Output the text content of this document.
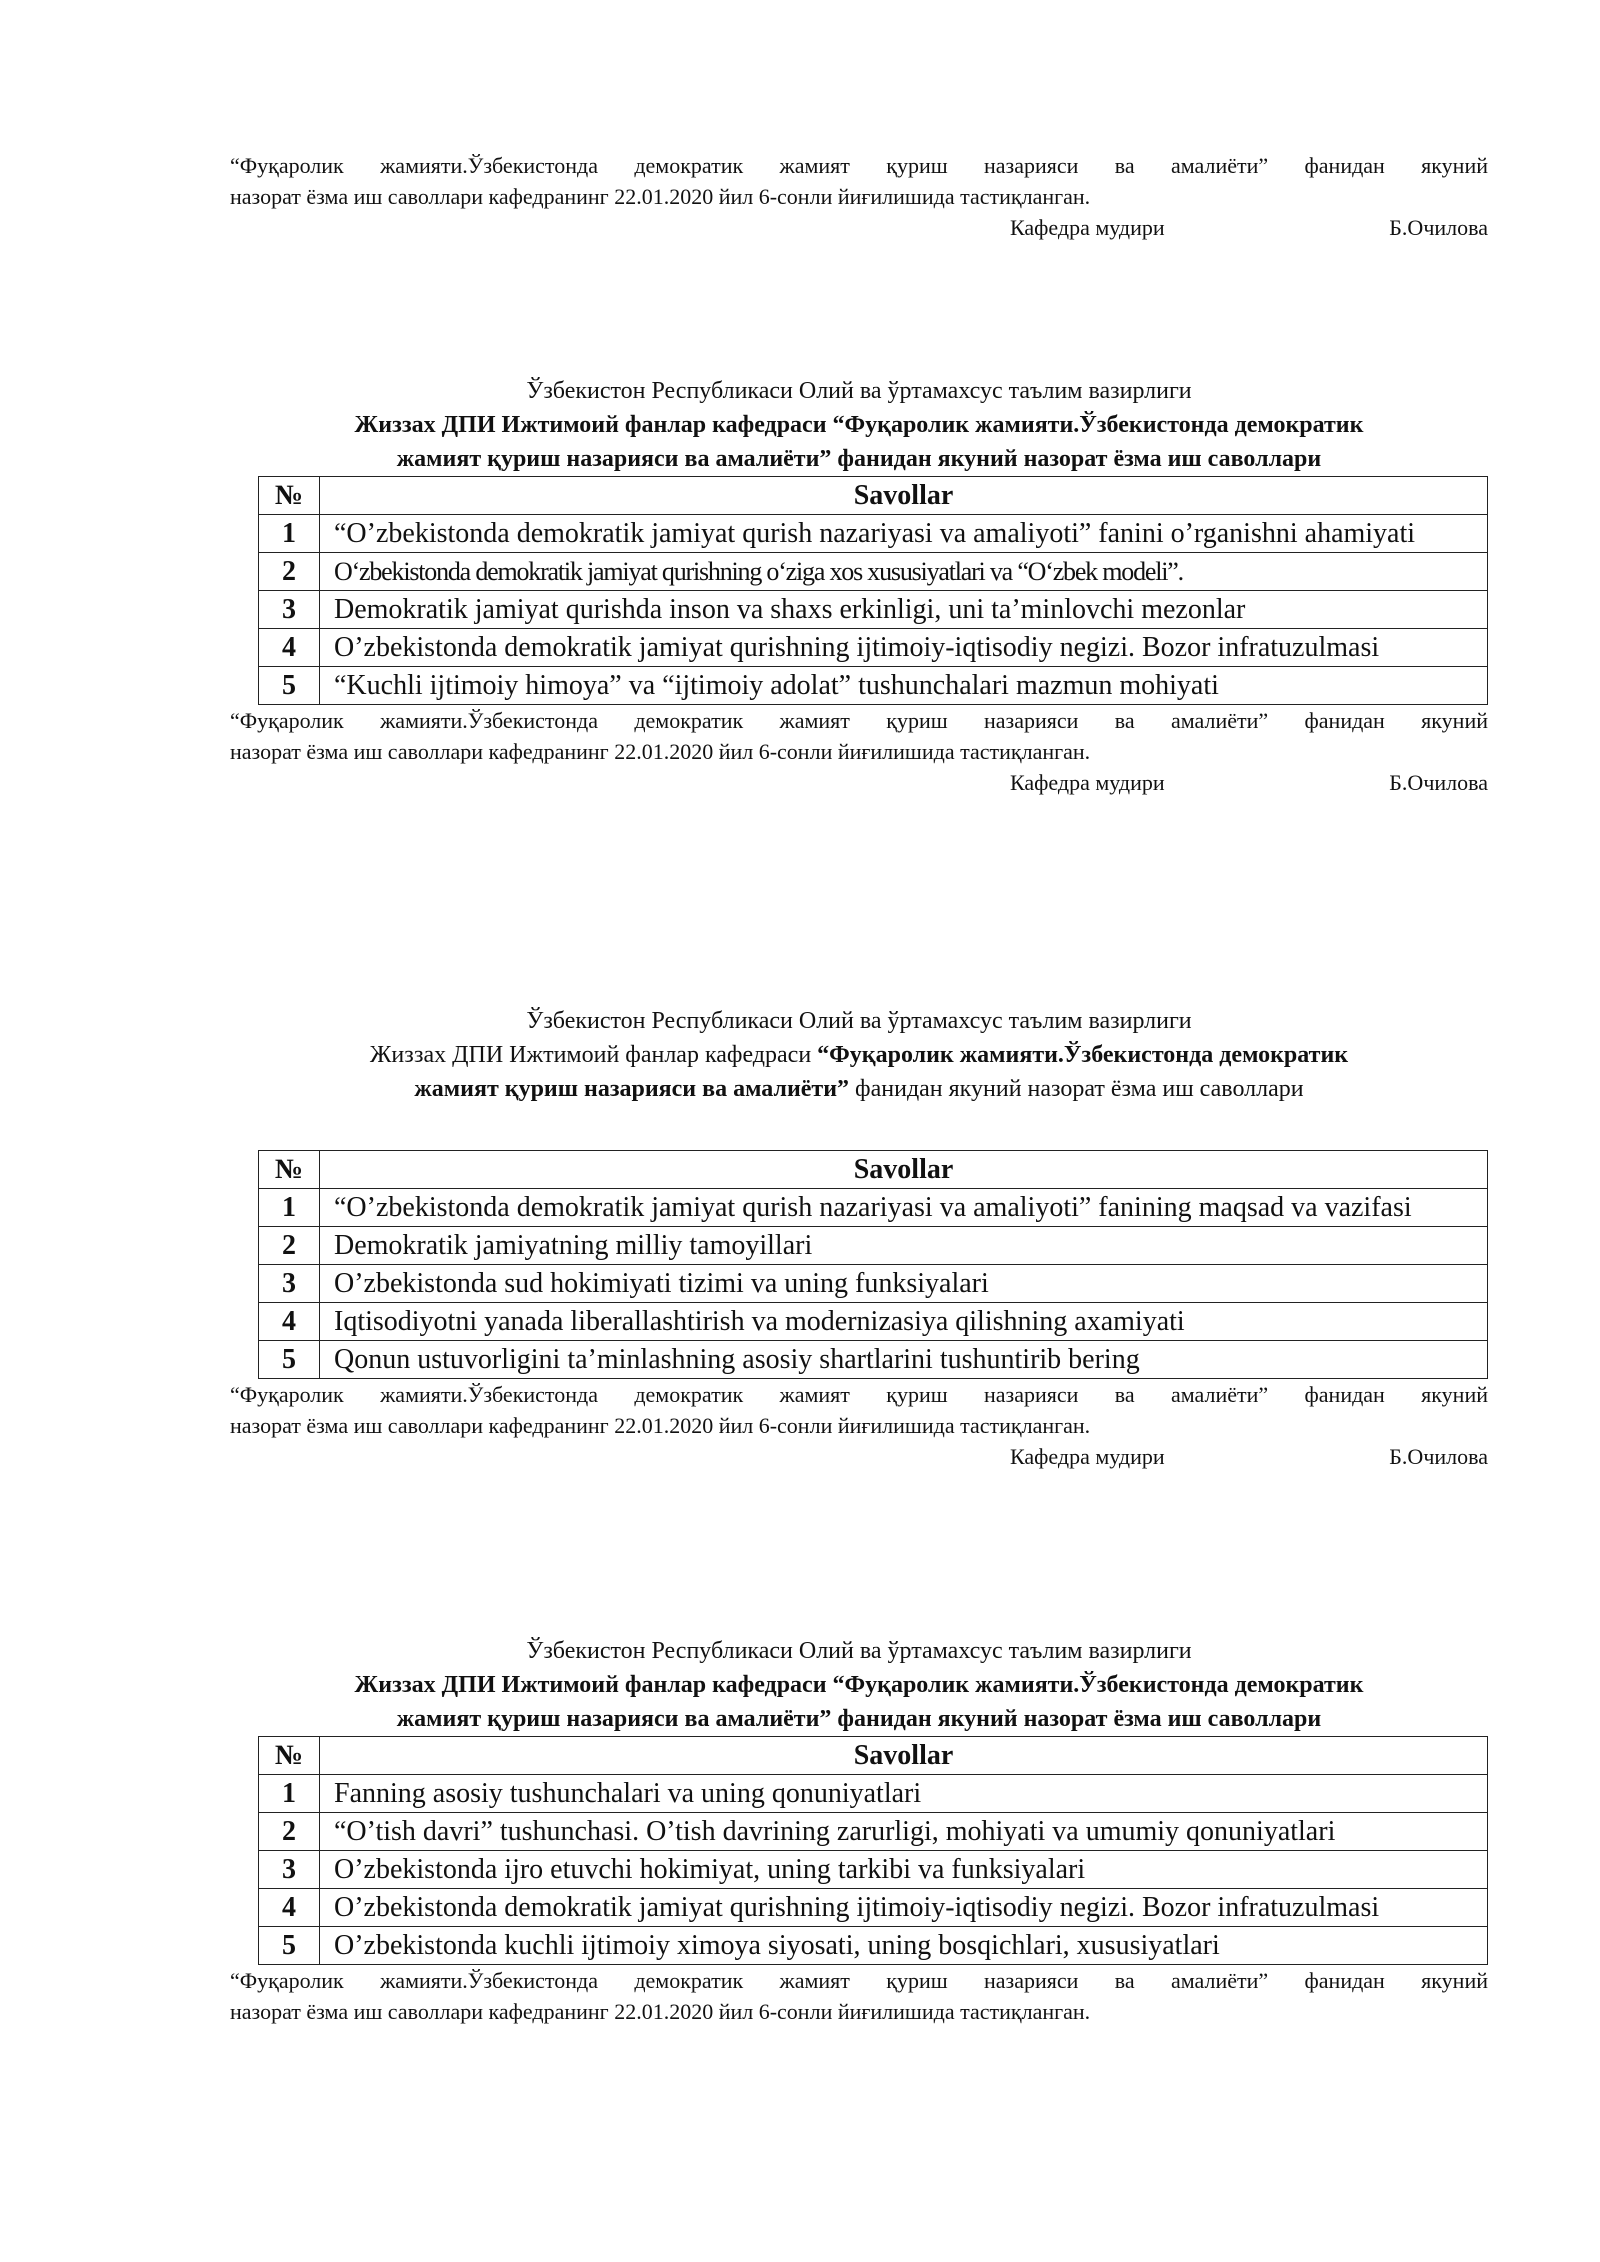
“Фуқаролик жамияти.Ўзбекистонда демократик жамият қуриш назарияси ва амалиёти” фанидан якуний
назорат ёзма иш саволлари кафедранинг 22.01.2020 йил 6-сонли йиғилишида тастиқланган.
Кафедра мудири	Б.Очилова
Ўзбекистон Республикаси Олий ва ўртамахсус таълим вазирлиги
Жиззах ДПИ Ижтимоий фанлар кафедраси “Фуқаролик жамияти.Ўзбекистонда демократик
жамият қуриш назарияси ва амалиёти” фанидан якуний назорат ёзма иш саволлари
№	Savollar
1	“O’zbekistonda demokratik jamiyat qurish nazariyasi va amaliyoti” fanini o’rganishni ahamiyati
2	O‘zbekistonda demokratik jamiyat qurishning o‘ziga xos xususiyatlari va “O‘zbek modeli”.
3	Demokratik jamiyat qurishda inson va shaxs erkinligi, uni ta’minlovchi mezonlar
4	O’zbekistonda demokratik jamiyat qurishning ijtimoiy-iqtisodiy negizi. Bozor infratuzulmasi
5	“Kuchli ijtimoiy himoya” va “ijtimoiy adolat” tushunchalari mazmun mohiyati
“Фуқаролик жамияти.Ўзбекистонда демократик жамият қуриш назарияси ва амалиёти” фанидан якуний
назорат ёзма иш саволлари кафедранинг 22.01.2020 йил 6-сонли йиғилишида тастиқланган.
Кафедра мудири	Б.Очилова
Ўзбекистон Республикаси Олий ва ўртамахсус таълим вазирлиги
Жиззах ДПИ Ижтимоий фанлар кафедраси “Фуқаролик жамияти.Ўзбекистонда демократик
жамият қуриш назарияси ва амалиёти” фанидан якуний назорат ёзма иш саволлари
№	Savollar
1	“O’zbekistonda demokratik jamiyat qurish nazariyasi va amaliyoti” fanining maqsad va vazifasi
2	Demokratik jamiyatning milliy tamoyillari
3	O’zbekistonda sud hokimiyati tizimi va uning funksiyalari
4	Iqtisodiyotni yanada liberallashtirish va modernizasiya qilishning axamiyati
5	Qonun ustuvorligini ta’minlashning asosiy shartlarini tushuntirib bering
“Фуқаролик жамияти.Ўзбекистонда демократик жамият қуриш назарияси ва амалиёти” фанидан якуний
назорат ёзма иш саволлари кафедранинг 22.01.2020 йил 6-сонли йиғилишида тастиқланган.
Кафедра мудири	Б.Очилова
Ўзбекистон Республикаси Олий ва ўртамахсус таълим вазирлиги
Жиззах ДПИ Ижтимоий фанлар кафедраси “Фуқаролик жамияти.Ўзбекистонда демократик
жамият қуриш назарияси ва амалиёти” фанидан якуний назорат ёзма иш саволлари
№	Savollar
1	Fanning asosiy tushunchalari va uning qonuniyatlari
2	“O’tish davri” tushunchasi. O’tish davrining zarurligi, mohiyati va umumiy qonuniyatlari
3	O’zbekistonda ijro etuvchi hokimiyat, uning tarkibi va funksiyalari
4	O’zbekistonda demokratik jamiyat qurishning ijtimoiy-iqtisodiy negizi. Bozor infratuzulmasi
5	O’zbekistonda kuchli ijtimoiy ximoya siyosati, uning bosqichlari, xususiyatlari
“Фуқаролик жамияти.Ўзбекистонда демократик жамият қуриш назарияси ва амалиёти” фанидан якуний
назорат ёзма иш саволлари кафедранинг 22.01.2020 йил 6-сонли йиғилишида тастиқланган.
